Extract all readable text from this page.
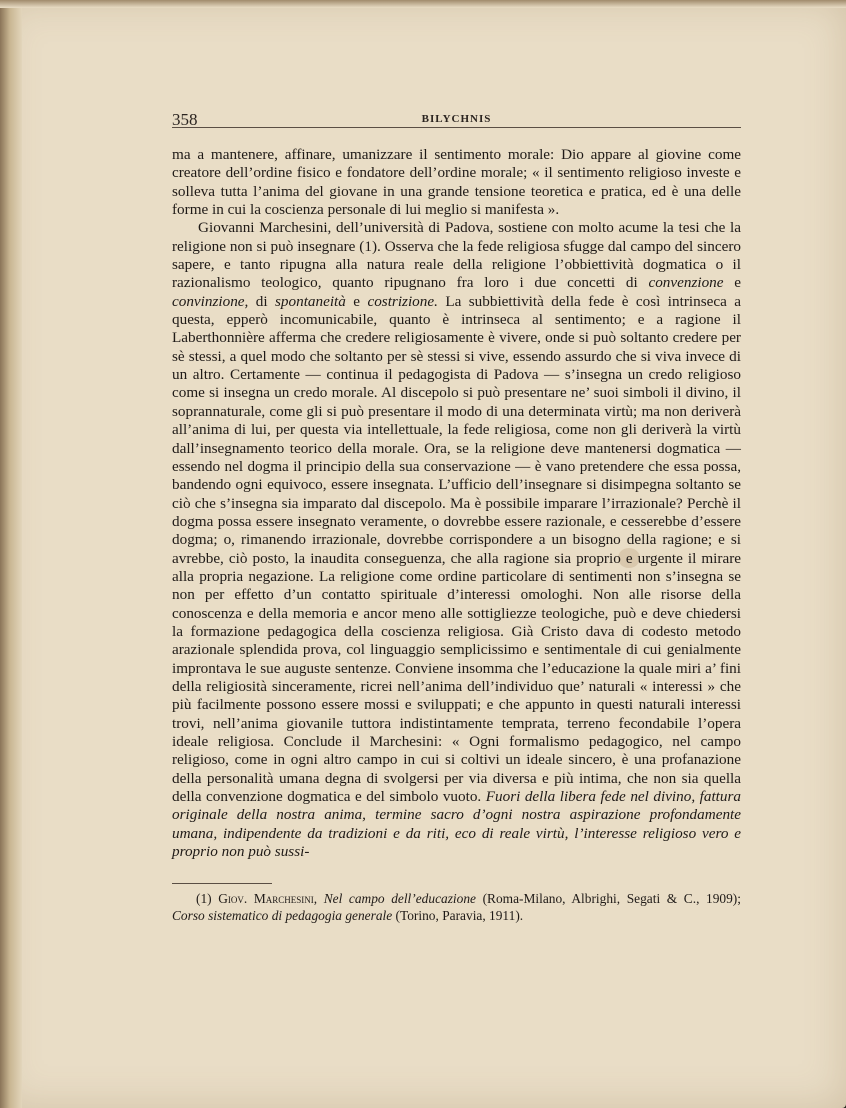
358	BILYCHNIS

ma a mantenere, affinare, umanizzare il sentimento morale: Dio appare al giovine come creatore dell’ordine fisico e fondatore dell’ordine morale; « il sentimento religioso investe e solleva tutta l’anima del giovane in una grande tensione teoretica e pratica, ed è una delle forme in cui la coscienza personale di lui meglio si manifesta ».

Giovanni Marchesini, dell’università di Padova, sostiene con molto acume la tesi che la religione non si può insegnare (1). Osserva che la fede religiosa sfugge dal campo del sincero sapere, e tanto ripugna alla natura reale della religione l’obbiettività dogmatica o il razionalismo teologico, quanto ripugnano fra loro i due concetti di convenzione e convinzione, di spontaneità e costrizione. La subbiettività della fede è così intrinseca a questa, epperò incomunicabile, quanto è intrinseca al sentimento; e a ragione il Laberthonnière afferma che credere religiosamente è vivere, onde si può soltanto credere per sè stessi, a quel modo che soltanto per sè stessi si vive, essendo assurdo che si viva invece di un altro. Certamente — continua il pedagogista di Padova — s’insegna un credo religioso come si insegna un credo morale. Al discepolo si può presentare ne’ suoi simboli il divino, il soprannaturale, come gli si può presentare il modo di una determinata virtù; ma non deriverà all’anima di lui, per questa via intellettuale, la fede religiosa, come non gli deriverà la virtù dall’insegnamento teorico della morale. Ora, se la religione deve mantenersi dogmatica — essendo nel dogma il principio della sua conservazione — è vano pretendere che essa possa, bandendo ogni equivoco, essere insegnata. L’ufficio dell’insegnare si disimpegna soltanto se ciò che s’insegna sia imparato dal discepolo. Ma è possibile imparare l’irrazionale? Perchè il dogma possa essere insegnato veramente, o dovrebbe essere razionale, e cesserebbe d’essere dogma; o, rimanendo irrazionale, dovrebbe corrispondere a un bisogno della ragione; e si avrebbe, ciò posto, la inaudita conseguenza, che alla ragione sia proprio e urgente il mirare alla propria negazione. La religione come ordine particolare di sentimenti non s’insegna se non per effetto d’un contatto spirituale d’interessi omologhi. Non alle risorse della conoscenza e della memoria e ancor meno alle sottigliezze teologiche, può e deve chiedersi la formazione pedagogica della coscienza religiosa. Già Cristo dava di codesto metodo arazionale splendida prova, col linguaggio semplicissimo e sentimentale di cui genialmente improntava le sue auguste sentenze. Conviene insomma che l’educazione la quale miri a’ fini della religiosità sinceramente, ricrei nell’anima dell’individuo que’ naturali « interessi » che più facilmente possono essere mossi e sviluppati; e che appunto in questi naturali interessi trovi, nell’anima giovanile tuttora indistintamente temprata, terreno fecondabile l’opera ideale religiosa. Conclude il Marchesini: « Ogni formalismo pedagogico, nel campo religioso, come in ogni altro campo in cui si coltivi un ideale sincero, è una profanazione della personalità umana degna di svolgersi per via diversa e più intima, che non sia quella della convenzione dogmatica e del simbolo vuoto. Fuori della libera fede nel divino, fattura originale della nostra anima, termine sacro d’ogni nostra aspirazione profondamente umana, indipendente da tradizioni e da riti, eco di reale virtù, l’interesse religioso vero e proprio non può sussi-

(1) Giov. Marchesini, Nel campo dell’educazione (Roma-Milano, Albrighi, Segati & C., 1909); Corso sistematico di pedagogia generale (Torino, Paravia, 1911).
